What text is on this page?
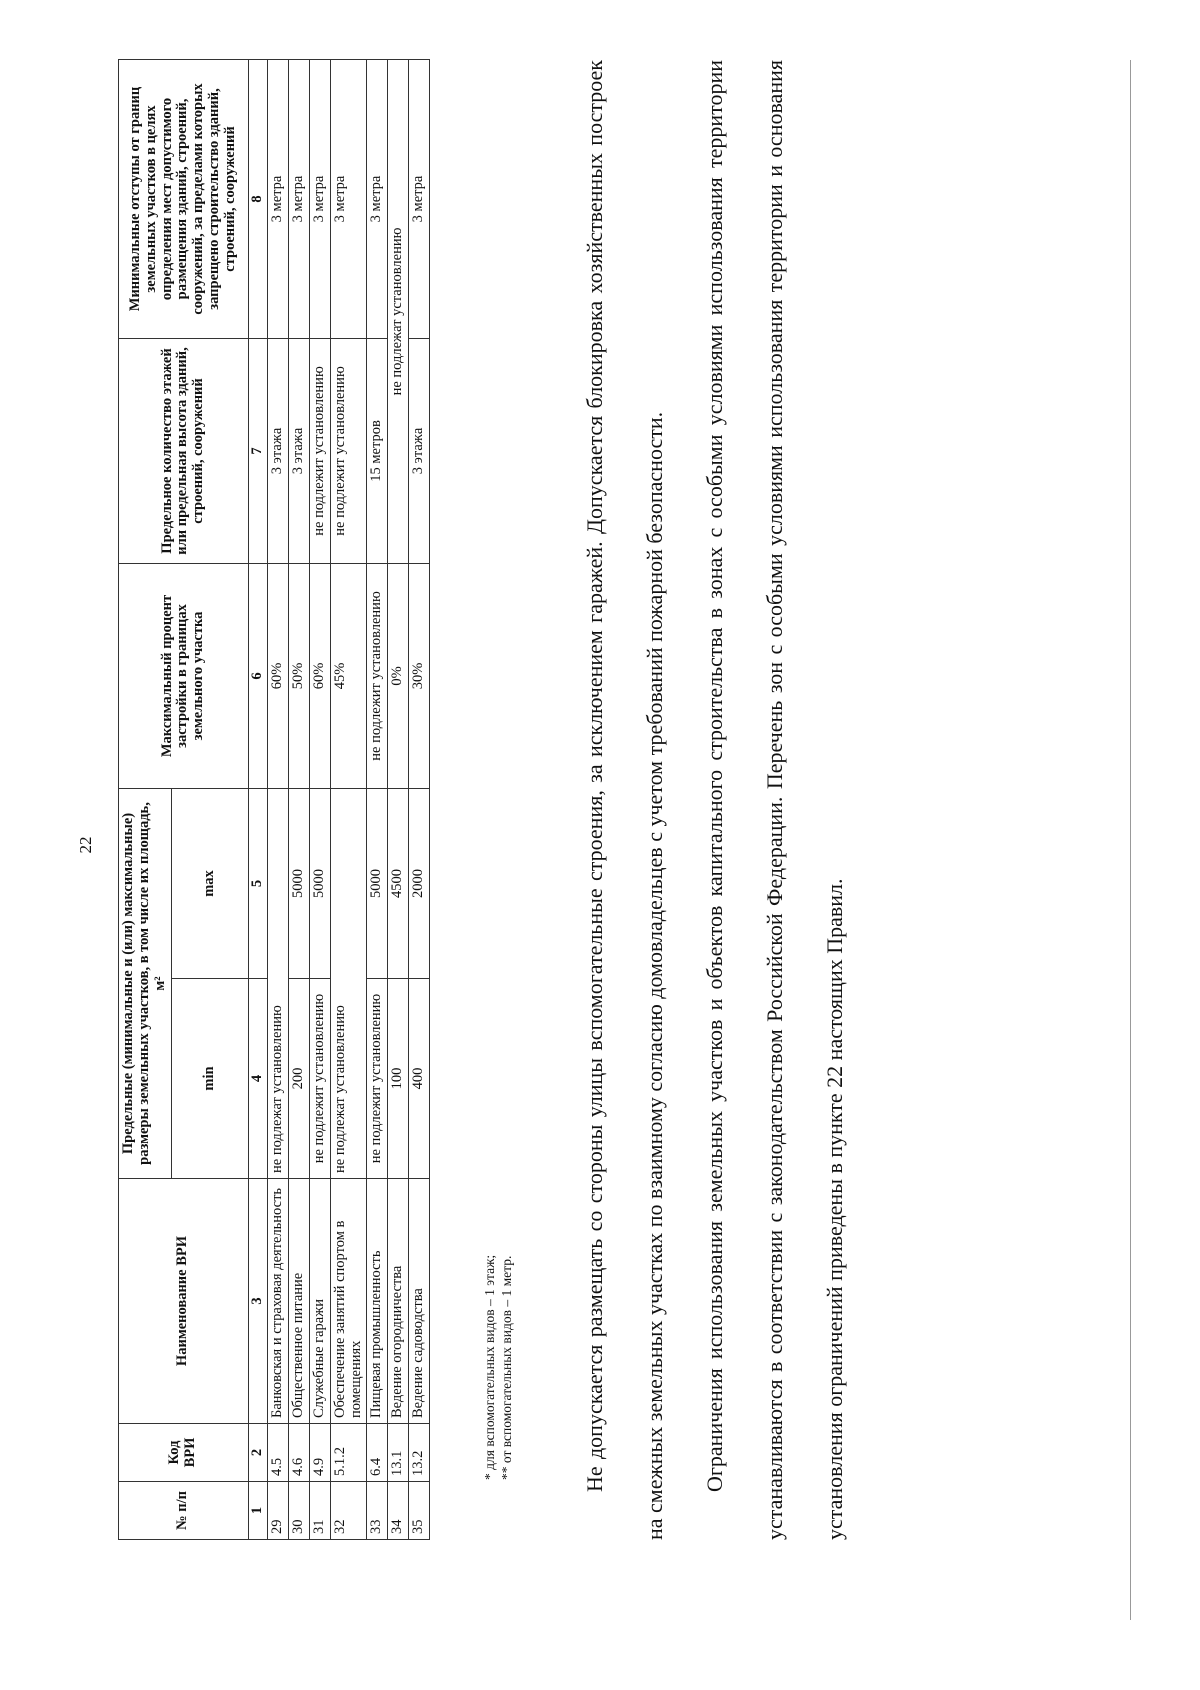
22
№ п/п	Код ВРИ	Наименование ВРИ	Предельные (минимальные и (или) максимальные) размеры земельных участков, в том числе их площадь, м²		Максимальный процент застройки в границах земельного участка	Предельное количество этажей или предельная высота зданий, строений, сооружений	Минимальные отступы от границ земельных участков в целях определения мест допустимого размещения зданий, строений, сооружений, за пределами которых запрещено строительство зданий, строений, сооружений
			min	max			
1	2	3	4	5	6	7	8
29	4.5	Банковская и страховая деятельность	не подлежат установлению		60%	3 этажа	3 метра
30	4.6	Общественное питание	200	5000	50%	3 этажа	3 метра
31	4.9	Служебные гаражи	не подлежит установлению	5000	60%	не подлежит установлению	3 метра
32	5.1.2	Обеспечение занятий спортом в помещениях	не подлежат установлению		45%	не подлежит установлению	3 метра
33	6.4	Пищевая промышленность	не подлежит установлению	5000	не подлежит установлению	15 метров	3 метра
34	13.1	Ведение огородничества	100	4500	0%	не подлежат установлению	
35	13.2	Ведение садоводства	400	2000	30%	3 этажа	3 метра
* для вспомогательных видов – 1 этаж; ** от вспомогательных видов – 1 метр.	Не допускается размещать со стороны улицы вспомогательные строения, за исключением гаражей. Допускается блокировка хозяйственных построек на смежных земельных участках по взаимному согласию домовладельцев с учетом требований пожарной безопасности.	Ограничения использования земельных участков и объектов капитального строительства в зонах с особыми условиями использования территории устанавливаются в соответствии с законодательством Российской Федерации. Перечень зон с особыми условиями использования территории и основания установления ограничений приведены в пункте 22 настоящих Правил.
